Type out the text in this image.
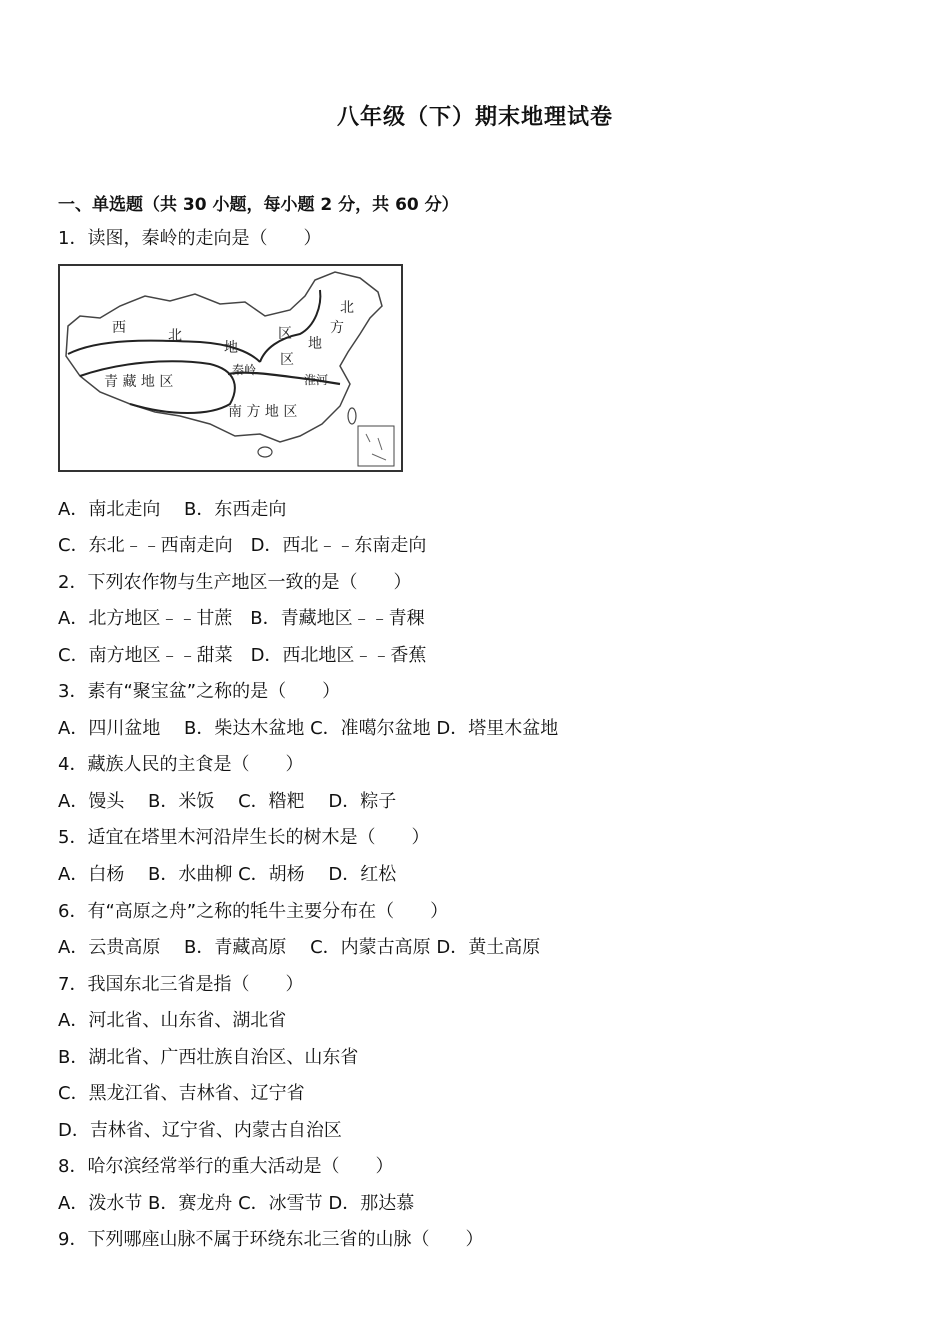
八年级（下）期末地理试卷
一、单选题（共 30 小题，每小题 2 分，共 60 分）
1．读图，秦岭的走向是（　　）
西	北
地
区
北
方
地
区
青 藏 地 区
秦岭
淮河
南 方 地 区
A．南北走向　 B．东西走向
C．东北﹣﹣西南走向　D．西北﹣﹣东南走向
2．下列农作物与生产地区一致的是（　　）
A．北方地区﹣﹣甘蔗　B．青藏地区﹣﹣青稞
C．南方地区﹣﹣甜菜　D．西北地区﹣﹣香蕉
3．素有“聚宝盆”之称的是（　　）
A．四川盆地　 B．柴达木盆地 C．准噶尔盆地 D．塔里木盆地
4．藏族人民的主食是（　　）
A．馒头　 B．米饭　 C．糌粑　 D．粽子
5．适宜在塔里木河沿岸生长的树木是（　　）
A．白杨　 B．水曲柳 C．胡杨　 D．红松
6．有“高原之舟”之称的牦牛主要分布在（　　）
A．云贵高原　 B．青藏高原　 C．内蒙古高原 D．黄土高原
7．我国东北三省是指（　　）
A．河北省、山东省、湖北省
B．湖北省、广西壮族自治区、山东省
C．黑龙江省、吉林省、辽宁省
D．吉林省、辽宁省、内蒙古自治区
8．哈尔滨经常举行的重大活动是（　　）
A．泼水节 B．赛龙舟 C．冰雪节 D．那达慕
9．下列哪座山脉不属于环绕东北三省的山脉（　　）
